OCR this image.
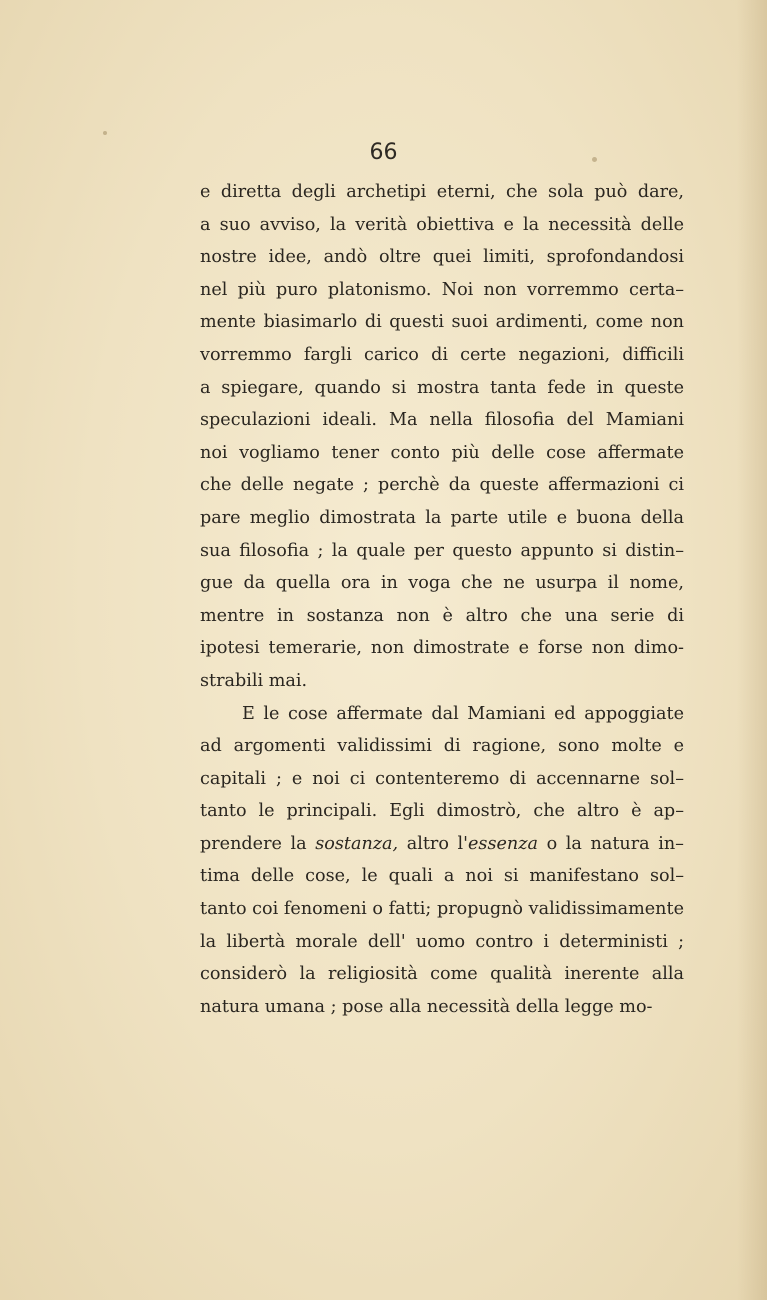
66
e diretta degli archetipi eterni, che sola può dare,
a suo avviso, la verità obiettiva e la necessità delle
nostre idee, andò oltre quei limiti, sprofondandosi
nel più puro platonismo. Noi non vorremmo certa–
mente biasimarlo di questi suoi ardimenti, come non
vorremmo fargli carico di certe negazioni, difficili
a spiegare, quando si mostra tanta fede in queste
speculazioni ideali. Ma nella filosofia del Mamiani
noi vogliamo tener conto più delle cose affermate
che delle negate ; perchè da queste affermazioni ci
pare meglio dimostrata la parte utile e buona della
sua filosofia ; la quale per questo appunto si distin–
gue da quella ora in voga che ne usurpa il nome,
mentre in sostanza non è altro che una serie di
ipotesi temerarie, non dimostrate e forse non dimo-
strabili mai.
E le cose affermate dal Mamiani ed appoggiate
ad argomenti validissimi di ragione, sono molte e
capitali ; e noi ci contenteremo di accennarne sol–
tanto le principali. Egli dimostrò, che altro è ap–
prendere la sostanza, altro l'essenza o la natura in–
tima delle cose, le quali a noi si manifestano sol–
tanto coi fenomeni o fatti; propugnò validissimamente
la libertà morale dell' uomo contro i deterministi ;
considerò la religiosità come qualità inerente alla
natura umana ; pose alla necessità della legge mo-
